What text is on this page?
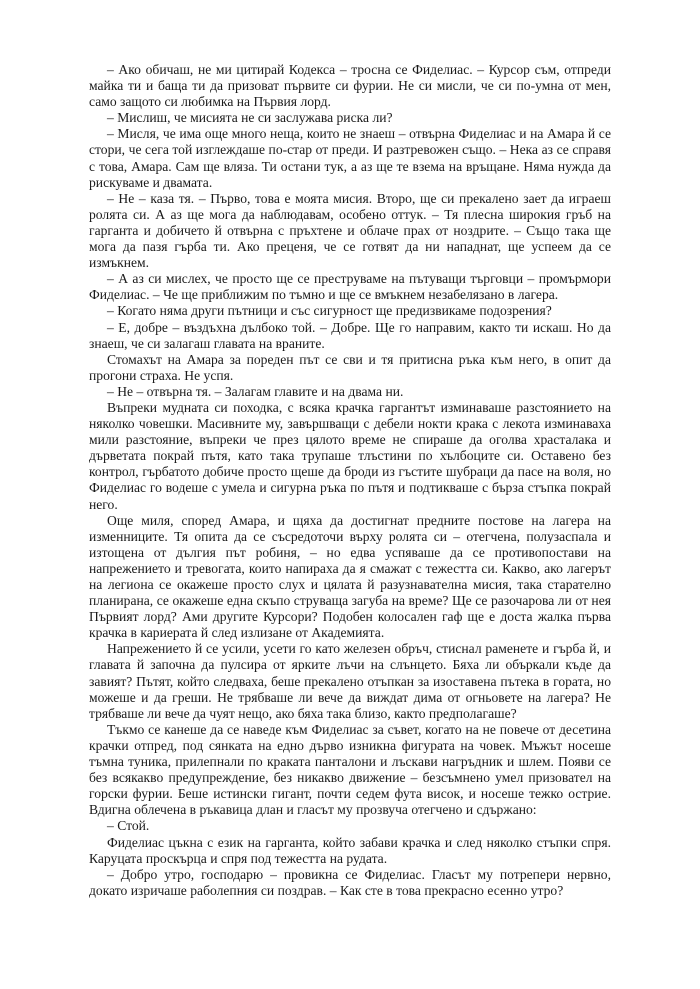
– Ако обичаш, не ми цитирай Кодекса – тросна се Фиделиас. – Курсор съм, отпреди майка ти и баща ти да призоват първите си фурии. Не си мисли, че си по-умна от мен, само защото си любимка на Първия лорд.

– Мислиш, че мисията не си заслужава риска ли?

– Мисля, че има още много неща, които не знаеш – отвърна Фиделиас и на Амара й се стори, че сега той изглеждаше по-стар от преди. И разтревожен също. – Нека аз се справя с това, Амара. Сам ще вляза. Ти остани тук, а аз ще те взема на връщане. Няма нужда да рискуваме и двамата.

– Не – каза тя. – Първо, това е моята мисия. Второ, ще си прекалено зает да играеш ролята си. А аз ще мога да наблюдавам, особено оттук. – Тя плесна широкия гръб на гарганта и добичето й отвърна с пръхтене и облаче прах от ноздрите. – Също така ще мога да пазя гърба ти. Ако преценя, че се готвят да ни нападнат, ще успеем да се измъкнем.

– А аз си мислех, че просто ще се преструваме на пътуващи търговци – промърмори Фиделиас. – Че ще приближим по тъмно и ще се вмъкнем незабелязано в лагера.

– Когато няма други пътници и със сигурност ще предизвикаме подозрения?

– Е, добре – въздъхна дълбоко той. – Добре. Ще го направим, както ти искаш. Но да знаеш, че си залагаш главата на враните.

Стомахът на Амара за пореден път се сви и тя притисна ръка към него, в опит да прогони страха. Не успя.

– Не – отвърна тя. – Залагам главите и на двама ни.

Въпреки мудната си походка, с всяка крачка гаргантът изминаваше разстоянието на няколко човешки. Масивните му, завършващи с дебели нокти крака с лекота изминаваха мили разстояние, въпреки че през цялото време не спираше да оголва храсталака и дърветата покрай пътя, като така трупаше тлъстини по хълбоците си. Оставено без контрол, гърбатото добиче просто щеше да броди из гъстите шубраци да пасе на воля, но Фиделиас го водеше с умела и сигурна ръка по пътя и подтикваше с бърза стъпка покрай него.

Още миля, според Амара, и щяха да достигнат предните постове на лагера на изменниците. Тя опита да се съсредоточи върху ролята си – отегчена, полузаспала и изтощена от дългия път робиня, – но едва успяваше да се противопостави на напрежението и тревогата, които напираха да я смажат с тежестта си. Какво, ако лагерът на легиона се окажеше просто слух и цялата й разузнавателна мисия, така старателно планирана, се окажеше една скъпо струваща загуба на време? Ще се разочарова ли от нея Първият лорд? Ами другите Курсори? Подобен колосален гаф ще е доста жалка първа крачка в кариерата й след излизане от Академията.

Напрежението й се усили, усети го като железен обръч, стиснал раменете и гърба й, и главата й започна да пулсира от ярките лъчи на слънцето. Бяха ли объркали къде да завият? Пътят, който следваха, беше прекалено отъпкан за изоставена пътека в гората, но можеше и да греши. Не трябваше ли вече да виждат дима от огньовете на лагера? Не трябваше ли вече да чуят нещо, ако бяха така близо, както предполагаше?

Тъкмо се канеше да се наведе към Фиделиас за съвет, когато на не повече от десетина крачки отпред, под сянката на едно дърво изникна фигурата на човек. Мъжът носеше тъмна туника, прилепнали по краката панталони и лъскави нагръдник и шлем. Появи се без всякакво предупреждение, без никакво движение – безсъмнено умел призовател на горски фурии. Беше истински гигант, почти седем фута висок, и носеше тежко острие. Вдигна облечена в ръкавица длан и гласът му прозвуча отегчено и сдържано:

– Стой.

Фиделиас цъкна с език на гарганта, който забави крачка и след няколко стъпки спря. Каруцата проскърца и спря под тежестта на рудата.

– Добро утро, господарю – провикна се Фиделиас. Гласът му потрепери нервно, докато изричаше раболепния си поздрав. – Как сте в това прекрасно есенно утро?
